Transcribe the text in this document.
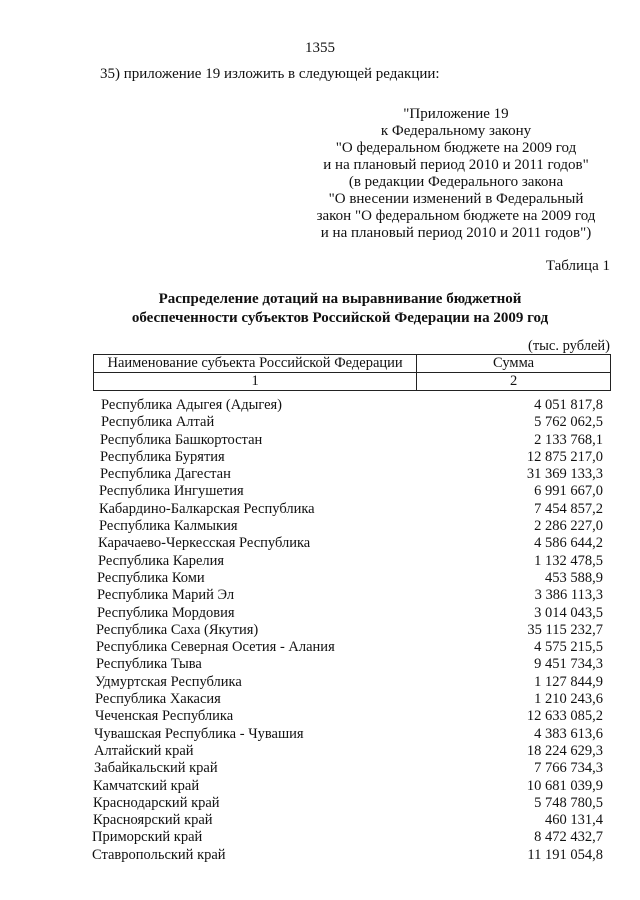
1355
35) приложение 19 изложить в следующей редакции:
"Приложение 19
к Федеральному закону
"О федеральном бюджете на 2009 год
и на плановый период 2010 и 2011 годов"
(в редакции Федерального закона
"О внесении изменений в Федеральный
закон "О федеральном бюджете на 2009 год
и на плановый период 2010 и 2011 годов")
Таблица 1
Распределение дотаций на выравнивание бюджетной
обеспеченности субъектов Российской Федерации на 2009 год
(тыс. рублей)
Наименование субъекта Российской Федерации	Сумма
1	2
Республика Адыгея (Адыгея)	4 051 817,8
Республика Алтай	5 762 062,5
Республика Башкортостан	2 133 768,1
Республика Бурятия	12 875 217,0
Республика Дагестан	31 369 133,3
Республика Ингушетия	6 991 667,0
Кабардино-Балкарская Республика	7 454 857,2
Республика Калмыкия	2 286 227,0
Карачаево-Черкесская Республика	4 586 644,2
Республика Карелия	1 132 478,5
Республика Коми	453 588,9
Республика Марий Эл	3 386 113,3
Республика Мордовия	3 014 043,5
Республика Саха (Якутия)	35 115 232,7
Республика Северная Осетия - Алания	4 575 215,5
Республика Тыва	9 451 734,3
Удмуртская Республика	1 127 844,9
Республика Хакасия	1 210 243,6
Чеченская Республика	12 633 085,2
Чувашская Республика - Чувашия	4 383 613,6
Алтайский край	18 224 629,3
Забайкальский край	7 766 734,3
Камчатский край	10 681 039,9
Краснодарский край	5 748 780,5
Красноярский край	460 131,4
Приморский край	8 472 432,7
Ставропольский край	11 191 054,8
